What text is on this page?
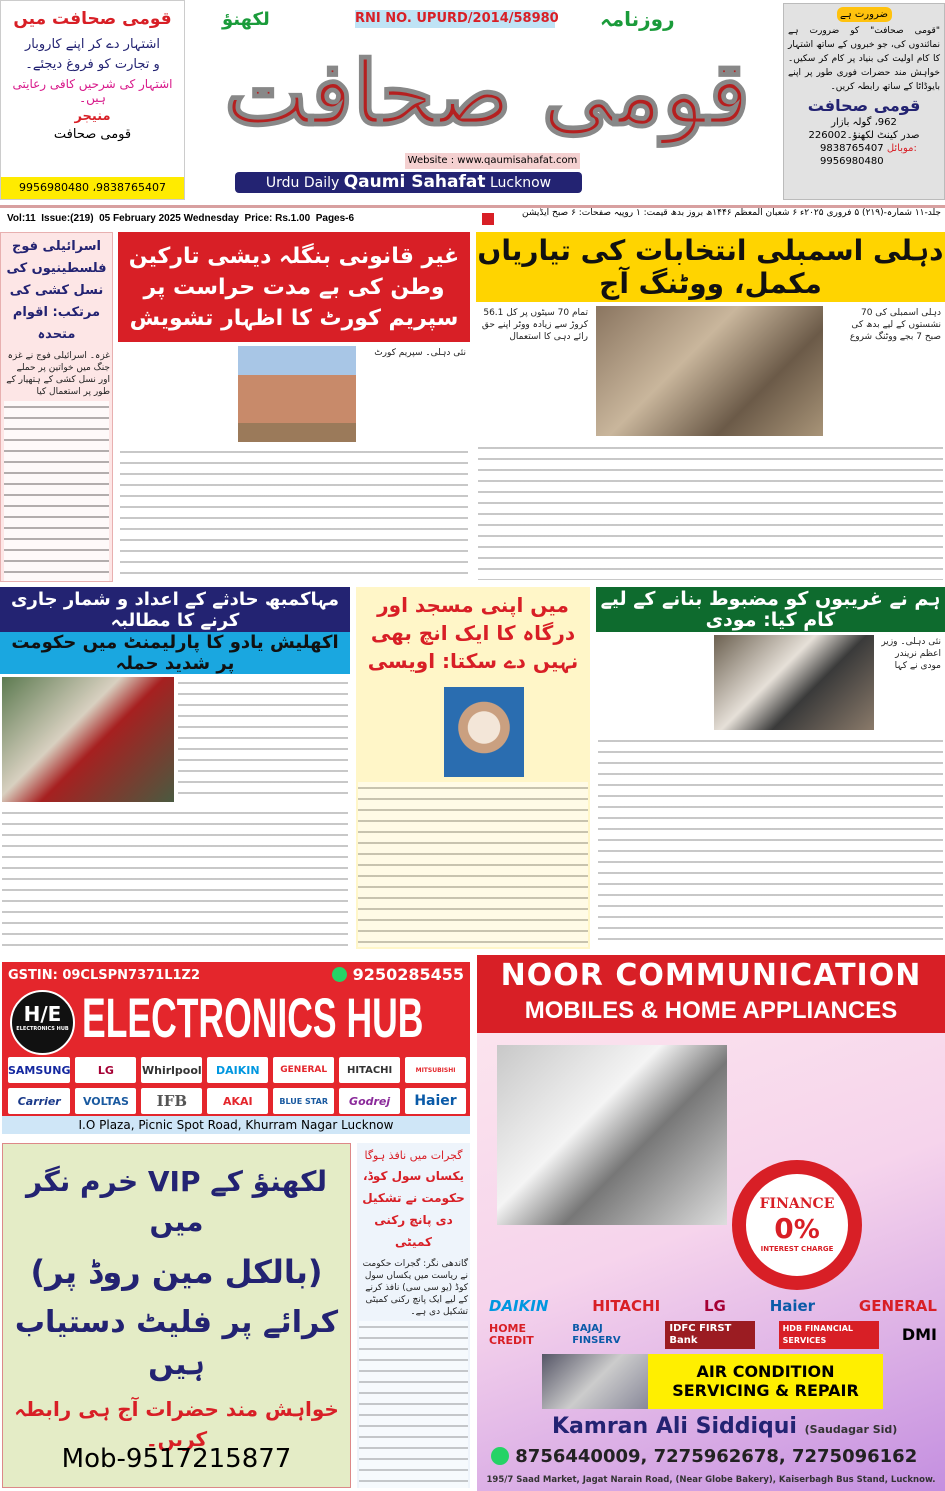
قومی صحافت میں
اشتہار دے کر اپنے کاروبار
و تجارت کو فروغ دیجئے۔
اشتہار کی شرحیں کافی رعایتی ہیں۔
منیجر
قومی صحافت
9956980480 ،9838765407
RNI NO. UPURD/2014/58980
لکھنؤ	روزنامہ
قومی صحافت
Website : www.qaumisahafat.com
Urdu Daily Qaumi Sahafat Lucknow
ضرورت ہے
"قومی صحافت" کو ضرورت ہے نمائندوں کی، جو خبروں کے ساتھ اشتہار کا کام اولیت کی بنیاد پر کام کر سکیں۔ خواہش مند حضرات فوری طور پر اپنے بایوڈاٹا کے ساتھ رابطہ کریں۔
قومی صحافت
962، گولہ بازار
صدر کینٹ لکھنؤ۔226002
9838765407 موبائل:
9956980480
Vol:11 Issue:(219) 05 February 2025 Wednesday Price: Rs.1.00 Pages-6	جلد-۱۱ شمارہ-(۲۱۹) ۵ فروری ۲۰۲۵ء ۶ شعبان المعظم ۱۴۴۶ھ بروز بدھ قیمت: ۱ روپیہ صفحات: ۶ صبح ایڈیشن
اسرائیلی فوج فلسطینیوں کی نسل کشی کی مرتکب: اقوام متحدہ
غزہ۔ اسرائیلی فوج نے غزہ جنگ میں خواتین پر حملے اور نسل کشی کے ہتھیار کے طور پر استعمال کیا
غیر قانونی بنگلہ دیشی تارکین وطن کی بے مدت حراست پر سپریم کورٹ کا اظہار تشویش
نئی دہلی۔ سپریم کورٹ
دہلی اسمبلی انتخابات کی تیاریاں مکمل، ووٹنگ آج
دہلی اسمبلی کی 70 نشستوں کے لیے بدھ کی صبح 7 بجے ووٹنگ شروع
تمام 70 سیٹوں پر کل 56.1 کروڑ سے زیادہ ووٹر اپنے حق رائے دہی کا استعمال
مہاکمبھ حادثے کے اعداد و شمار جاری کرنے کا مطالبہ
اکھلیش یادو کا پارلیمنٹ میں حکومت پر شدید حملہ
میں اپنی مسجد اور درگاہ کا ایک انچ بھی نہیں دے سکتا: اویسی
ہم نے غریبوں کو مضبوط بنانے کے لیے کام کیا: مودی
نئی دہلی۔ وزیر اعظم نریندر مودی نے کہا
GSTIN: 09CLSPN7371L1Z2	9250285455
H/E
ELECTRONICS HUB ELECTRONICS HUB
SAMSUNG	LG	Whirlpool	DAIKIN	GENERAL	HITACHI	MITSUBISHI
Carrier	VOLTAS	IFB	AKAI	BLUE STAR	Godrej	Haier
I.O Plaza, Picnic Spot Road, Khurram Nagar Lucknow
NOOR COMMUNICATION
MOBILES & HOME APPLIANCES
FINANCE
0%
INTEREST CHARGE
DAIKIN	HITACHI	LG	Haier	GENERAL
HOME CREDIT
BAJAJ FINSERV
IDFC FIRST Bank
HDB FINANCIAL SERVICES	DMI
AIR CONDITION
SERVICING & REPAIR
Kamran Ali Siddiqui (Saudagar Sid)
8756440009, 7275962678, 7275096162
195/7 Saad Market, Jagat Narain Road, (Near Globe Bakery), Kaiserbagh Bus Stand, Lucknow.
لکھنؤ کے VIP خرم نگر میں
(بالکل مین روڈ پر)
کرائے پر فلیٹ دستیاب ہیں
خواہش مند حضرات آج ہی رابطہ کریں۔
Mob-9517215877
گجرات میں نافذ ہوگا
یکساں سول کوڈ، حکومت نے تشکیل دی پانچ رکنی کمیٹی
گاندھی نگر: گجرات حکومت نے ریاست میں یکساں سول کوڈ (یو سی سی) نافذ کرنے کے لیے ایک پانچ رکنی کمیٹی تشکیل دی ہے۔
